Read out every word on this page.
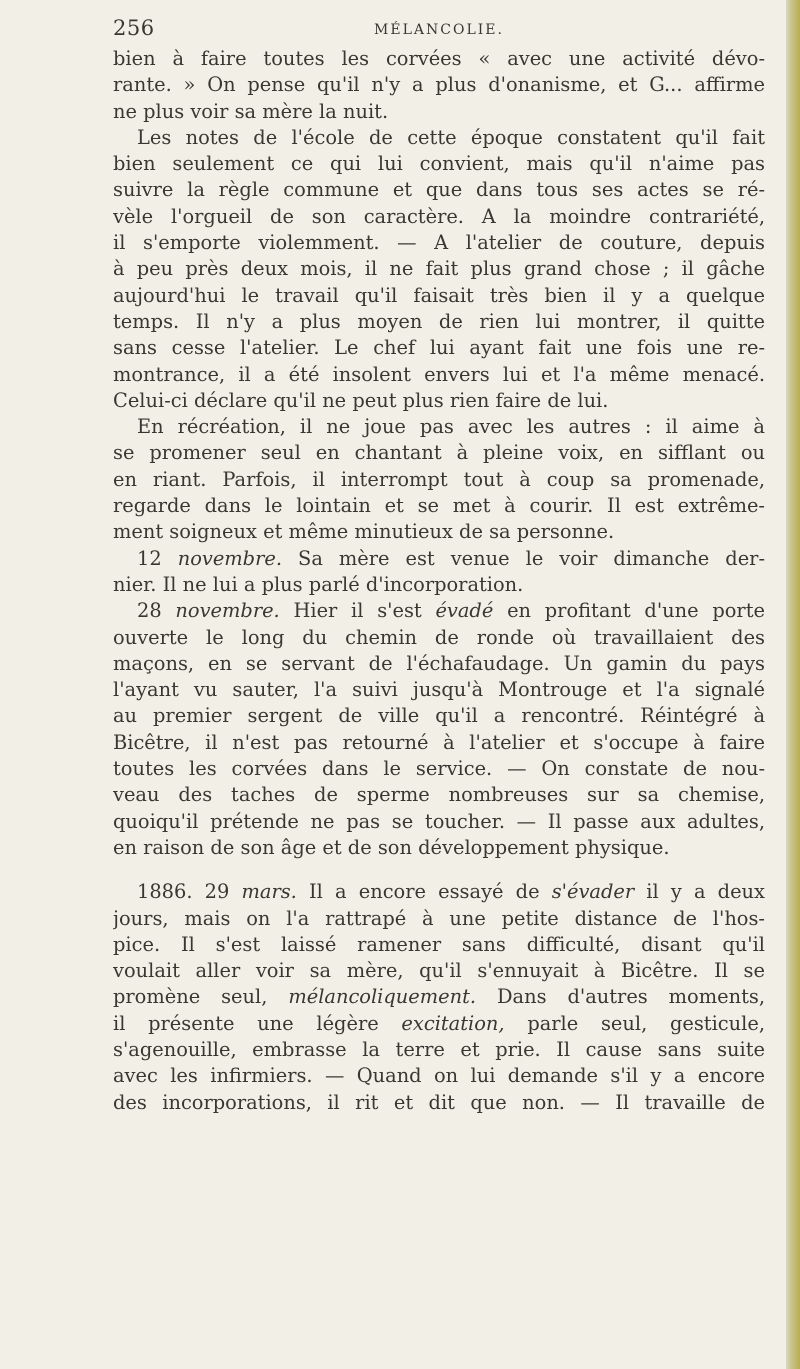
256	MÉLANCOLIE.

bien à faire toutes les corvées « avec une activité dévo-

rante. » On pense qu'il n'y a plus d'onanisme, et G... affirme

ne plus voir sa mère la nuit.

Les notes de l'école de cette époque constatent qu'il fait

bien seulement ce qui lui convient, mais qu'il n'aime pas

suivre la règle commune et que dans tous ses actes se ré-

vèle l'orgueil de son caractère. A la moindre contrariété,

il s'emporte violemment. — A l'atelier de couture, depuis

à peu près deux mois, il ne fait plus grand chose ; il gâche

aujourd'hui le travail qu'il faisait très bien il y a quelque

temps. Il n'y a plus moyen de rien lui montrer, il quitte

sans cesse l'atelier. Le chef lui ayant fait une fois une re-

montrance, il a été insolent envers lui et l'a même menacé.

Celui-ci déclare qu'il ne peut plus rien faire de lui.

En récréation, il ne joue pas avec les autres : il aime à

se promener seul en chantant à pleine voix, en sifflant ou

en riant. Parfois, il interrompt tout à coup sa promenade,

regarde dans le lointain et se met à courir. Il est extrême-

ment soigneux et même minutieux de sa personne.

12 novembre. Sa mère est venue le voir dimanche der-

nier. Il ne lui a plus parlé d'incorporation.

28 novembre. Hier il s'est évadé en profitant d'une porte

ouverte le long du chemin de ronde où travaillaient des

maçons, en se servant de l'échafaudage. Un gamin du pays

l'ayant vu sauter, l'a suivi jusqu'à Montrouge et l'a signalé

au premier sergent de ville qu'il a rencontré. Réintégré à

Bicêtre, il n'est pas retourné à l'atelier et s'occupe à faire

toutes les corvées dans le service. — On constate de nou-

veau des taches de sperme nombreuses sur sa chemise,

quoiqu'il prétende ne pas se toucher. — Il passe aux adultes,

en raison de son âge et de son développement physique.

1886. 29 mars. Il a encore essayé de s'évader il y a deux

jours, mais on l'a rattrapé à une petite distance de l'hos-

pice. Il s'est laissé ramener sans difficulté, disant qu'il

voulait aller voir sa mère, qu'il s'ennuyait à Bicêtre. Il se

promène seul, mélancoliquement. Dans d'autres moments,

il présente une légère excitation, parle seul, gesticule,

s'agenouille, embrasse la terre et prie. Il cause sans suite

avec les infirmiers. — Quand on lui demande s'il y a encore

des incorporations, il rit et dit que non. — Il travaille de
